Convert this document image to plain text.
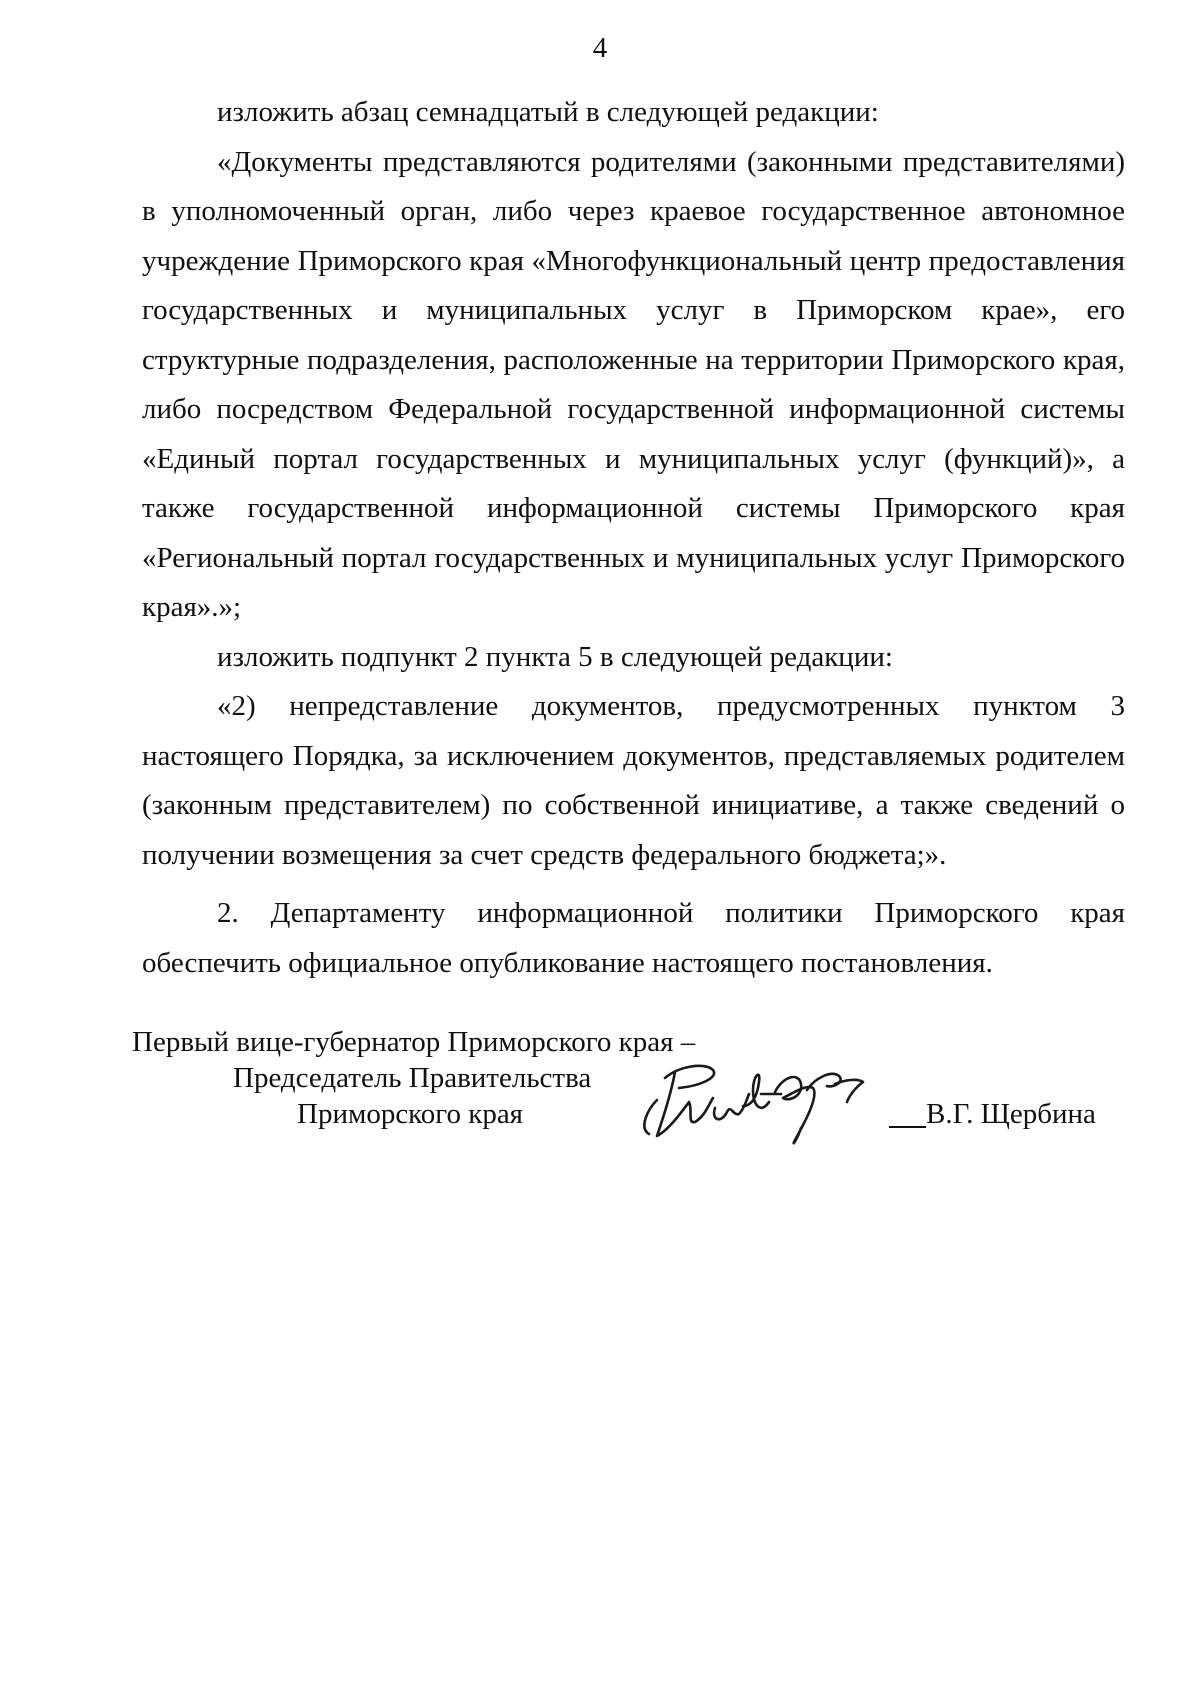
4

изложить абзац семнадцатый в следующей редакции:

«Документы представляются родителями (законными представителями) в уполномоченный орган, либо через краевое государственное автономное учреждение Приморского края «Многофункциональный центр предоставления государственных и муниципальных услуг в Приморском крае», его структурные подразделения, расположенные на территории Приморского края, либо посредством Федеральной государственной информационной системы «Единый портал государственных и муниципальных услуг (функций)», а также государственной информационной системы Приморского края «Региональный портал государственных и муниципальных услуг Приморского края».»;

изложить подпункт 2 пункта 5 в следующей редакции:

«2) непредставление документов, предусмотренных пунктом 3 настоящего Порядка, за исключением документов, представляемых родителем (законным представителем) по собственной инициативе, а также сведений о получении возмещения за счет средств федерального бюджета;».

2. Департаменту информационной политики Приморского края обеспечить официальное опубликование настоящего постановления.

Первый вице-губернатор Приморского края –
Председатель Правительства
Приморского края	В.Г. Щербина
